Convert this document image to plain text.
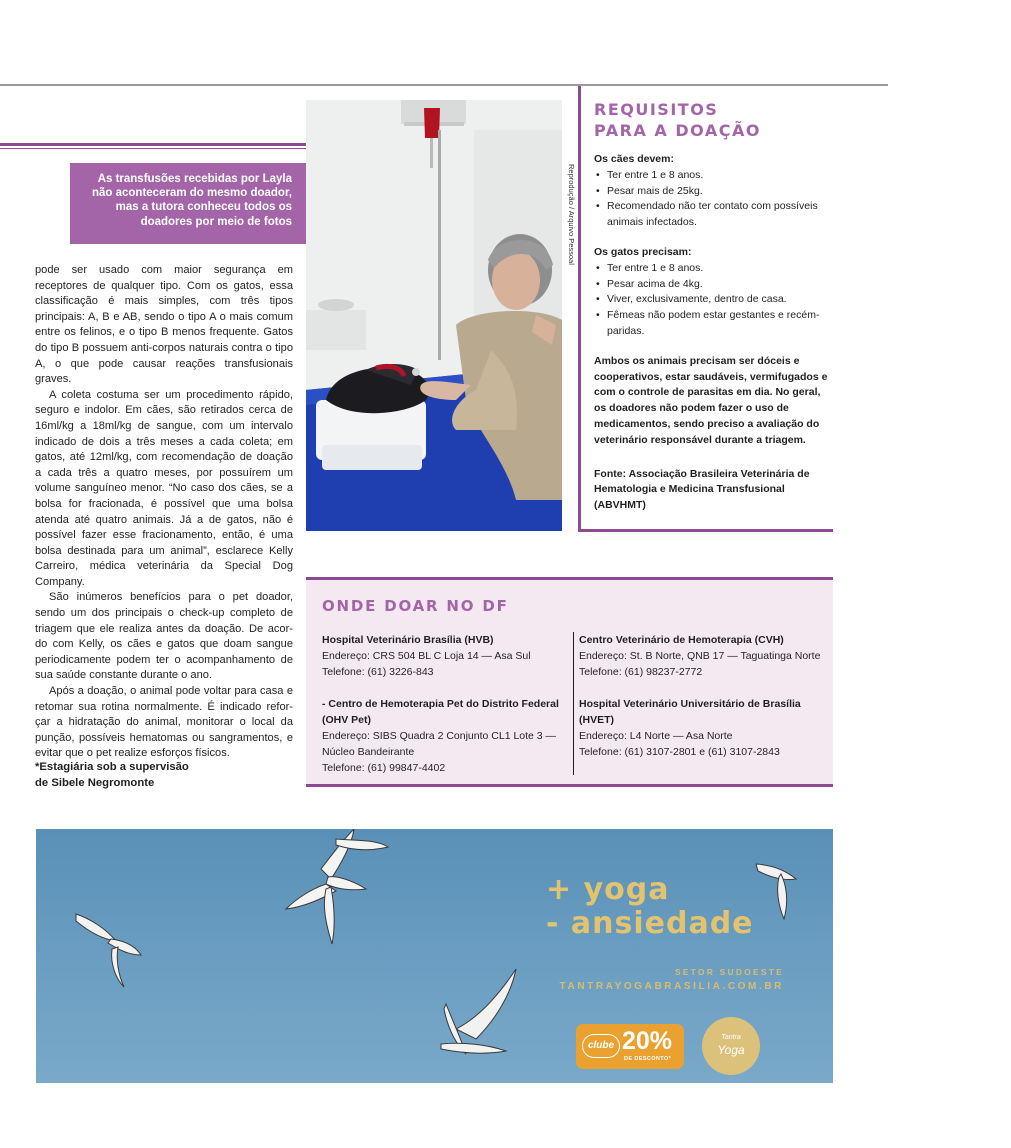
As transfusões recebidas por Layla não aconteceram do mesmo doador, mas a tutora conheceu todos os doadores por meio de fotos

pode ser usado com maior segurança em receptores de qualquer tipo. Com os gatos, essa classificação é mais simples, com três tipos principais: A, B e AB, sendo o tipo A o mais comum entre os felinos, e o tipo B menos frequente. Gatos do tipo B possuem anti-corpos naturais contra o tipo A, o que pode causar reações transfusionais graves.

A coleta costuma ser um procedimento rápido, seguro e indolor. Em cães, são retirados cerca de 16ml/kg a 18ml/kg de sangue, com um intervalo indicado de dois a três meses a cada coleta; em gatos, até 12ml/kg, com recomendação de doação a cada três a quatro meses, por possuírem um volume sanguíneo menor. “No caso dos cães, se a bolsa for fracionada, é possível que uma bolsa atenda até quatro animais. Já a de gatos, não é possível fazer esse fracionamento, então, é uma bolsa destinada para um animal”, esclarece Kelly Carreiro, médica veterinária da Special Dog Company.

São inúmeros benefícios para o pet doador, sendo um dos principais o check-up completo de triagem que ele realiza antes da doação. De acor-do com Kelly, os cães e gatos que doam sangue periodicamente podem ter o acompanhamento de sua saúde constante durante o ano.

Após a doação, o animal pode voltar para casa e retomar sua rotina normalmente. É indicado refor-çar a hidratação do animal, monitorar o local da punção, possíveis hematomas ou sangramentos, e evitar que o pet realize esforços físicos.

*Estagiária sob a supervisão
de Sibele Negromonte
Reprodução / Arquivo Pessoal
REQUISITOS
PARA A DOAÇÃO
Os cães devem:
• Ter entre 1 e 8 anos.
• Pesar mais de 25kg.
• Recomendado não ter contato com possíveis animais infectados.
Os gatos precisam:
• Ter entre 1 e 8 anos.
• Pesar acima de 4kg.
• Viver, exclusivamente, dentro de casa.
• Fêmeas não podem estar gestantes e recém-paridas.
Ambos os animais precisam ser dóceis e cooperativos, estar saudáveis, vermifugados e com o controle de parasitas em dia. No geral, os doadores não podem fazer o uso de medicamentos, sendo preciso a avaliação do veterinário responsável durante a triagem.
Fonte: Associação Brasileira Veterinária de Hematologia e Medicina Transfusional (ABVHMT)
ONDE DOAR NO DF
Hospital Veterinário Brasília (HVB)
Endereço: CRS 504 BL C Loja 14 — Asa Sul
Telefone: (61) 3226-843
- Centro de Hemoterapia Pet do Distrito Federal (OHV Pet)
Endereço: SIBS Quadra 2 Conjunto CL1 Lote 3 — Núcleo Bandeirante
Telefone: (61) 99847-4402
Centro Veterinário de Hemoterapia (CVH)
Endereço: St. B Norte, QNB 17 — Taguatinga Norte
Telefone: (61) 98237-2772
Hospital Veterinário Universitário de Brasília (HVET)
Endereço: L4 Norte — Asa Norte
Telefone: (61) 3107-2801 e (61) 3107-2843
+ yoga
- ansiedade
SETOR SUDOESTE
TANTRAYOGABRASILIA.COM.BR
clube 20%
DE DESCONTO*
Tantra
Yoga
